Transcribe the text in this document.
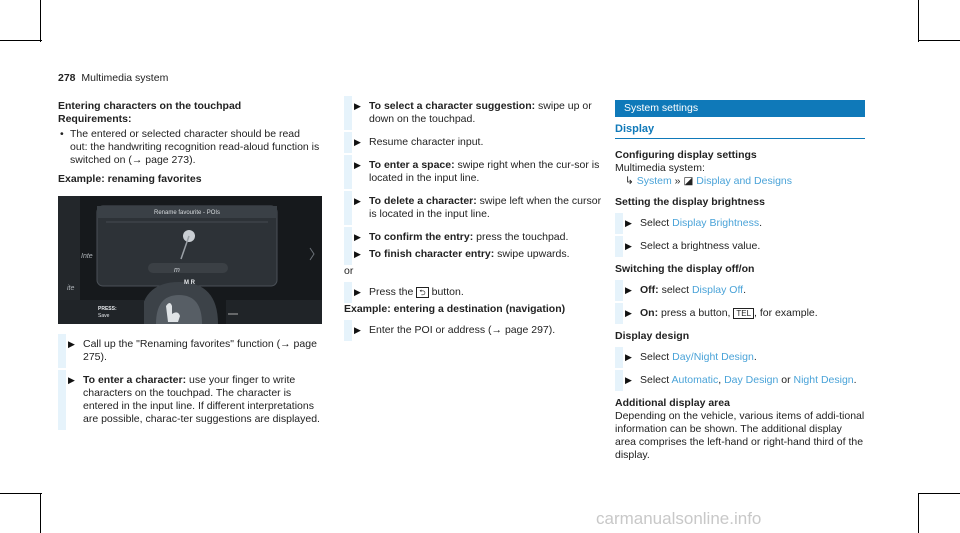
278 Multimedia system

Entering characters on the touchpad

Requirements:

• The entered or selected character should be read out: the handwriting recognition read-aloud function is switched on (→ page 273).

Example: renaming favorites

Rename favourite - POIs
Inte
ite
m
M R
PRESS:
Save
▶ Call up the "Renaming favorites" function (→ page 275).
▶ To enter a character: use your finger to write characters on the touchpad. The character is entered in the input line. If different interpretations are possible, charac-ter suggestions are displayed.
▶ To select a character suggestion: swipe up or down on the touchpad.
▶ Resume character input.
▶ To enter a space: swipe right when the cur-sor is located in the input line.
▶ To delete a character: swipe left when the cursor is located in the input line.
▶ To confirm the entry: press the touchpad.
▶ To finish character entry: swipe upwards.

or

▶ Press the ⮌ button.

Example: entering a destination (navigation)

▶ Enter the POI or address (→ page 297).
System settings
Display

Configuring display settings

Multimedia system:

↳ System » ◪ Display and Designs

Setting the display brightness

▶ Select Display Brightness.
▶ Select a brightness value.

Switching the display off/on

▶ Off: select Display Off.
▶ On: press a button, TEL , for example.

Display design

▶ Select Day/Night Design.
▶ Select Automatic, Day Design or Night Design.

Additional display area

Depending on the vehicle, various items of addi-tional information can be shown. The additional display area comprises the left-hand or right-hand third of the display.

carmanualsonline.info
